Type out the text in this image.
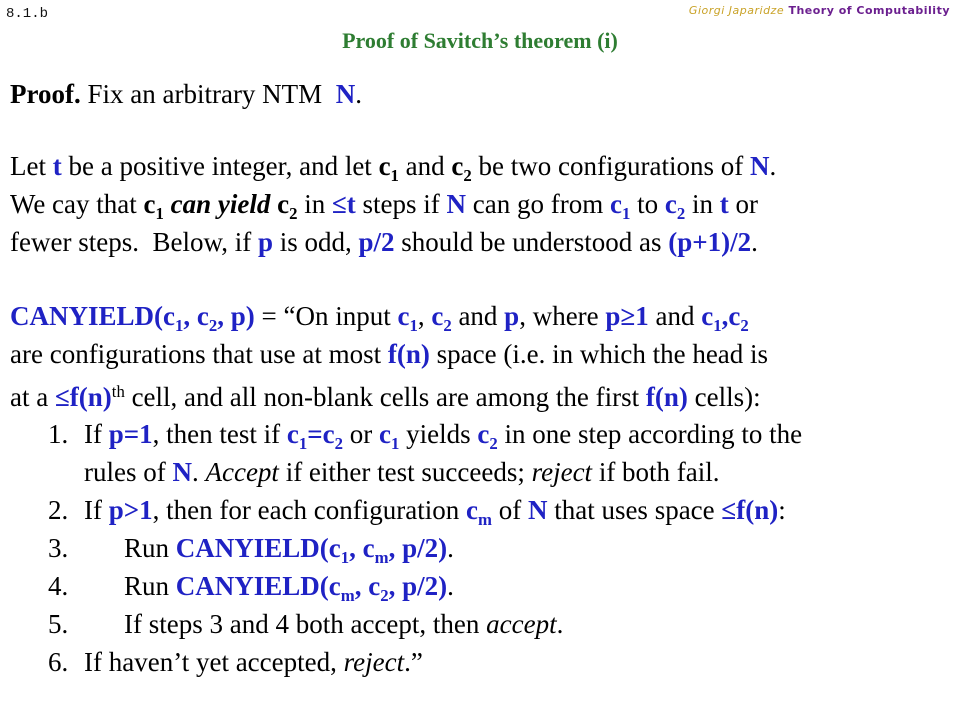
8.1.b	Giorgi Japaridze Theory of Computability
Proof of Savitch’s theorem (i)
Proof. Fix an arbitrary NTM N.
Let t be a positive integer, and let $c_1$ and $c_2$ be two configurations of N.
We cay that $c_1$ can yield $c_2$ in ≤t steps if N can go from $c_1$ to $c_2$ in t or
fewer steps.  Below, if p is odd, p/2 should be understood as (p+1)/2.
$CANYIELD(c_1$, $c_2$, p) = “On input $c_1$, $c_2$ and p, where p≥1 and $c_1,c_2$
are configurations that use at most f(n) space (i.e. in which the head is
at $a \le f(n)^{th}$ cell, and all non-blank cells are among the first f(n) cells):
1. If p=1, then test if $c_1=c_2$ or $c_1$ yields $c_2$ in one step according to the
rules of N. Accept if either test succeeds; reject if both fail.
2. If p>1, then for each configuration $c_m$ of N that uses space ≤f(n):
3. Run $CANYIELD(c_1$, $c_m$, p/2).
4. Run $CANYIELD(c_m$, $c_2$, p/2).
5. If steps 3 and 4 both accept, then accept.
6. If haven’t yet accepted, reject.”
